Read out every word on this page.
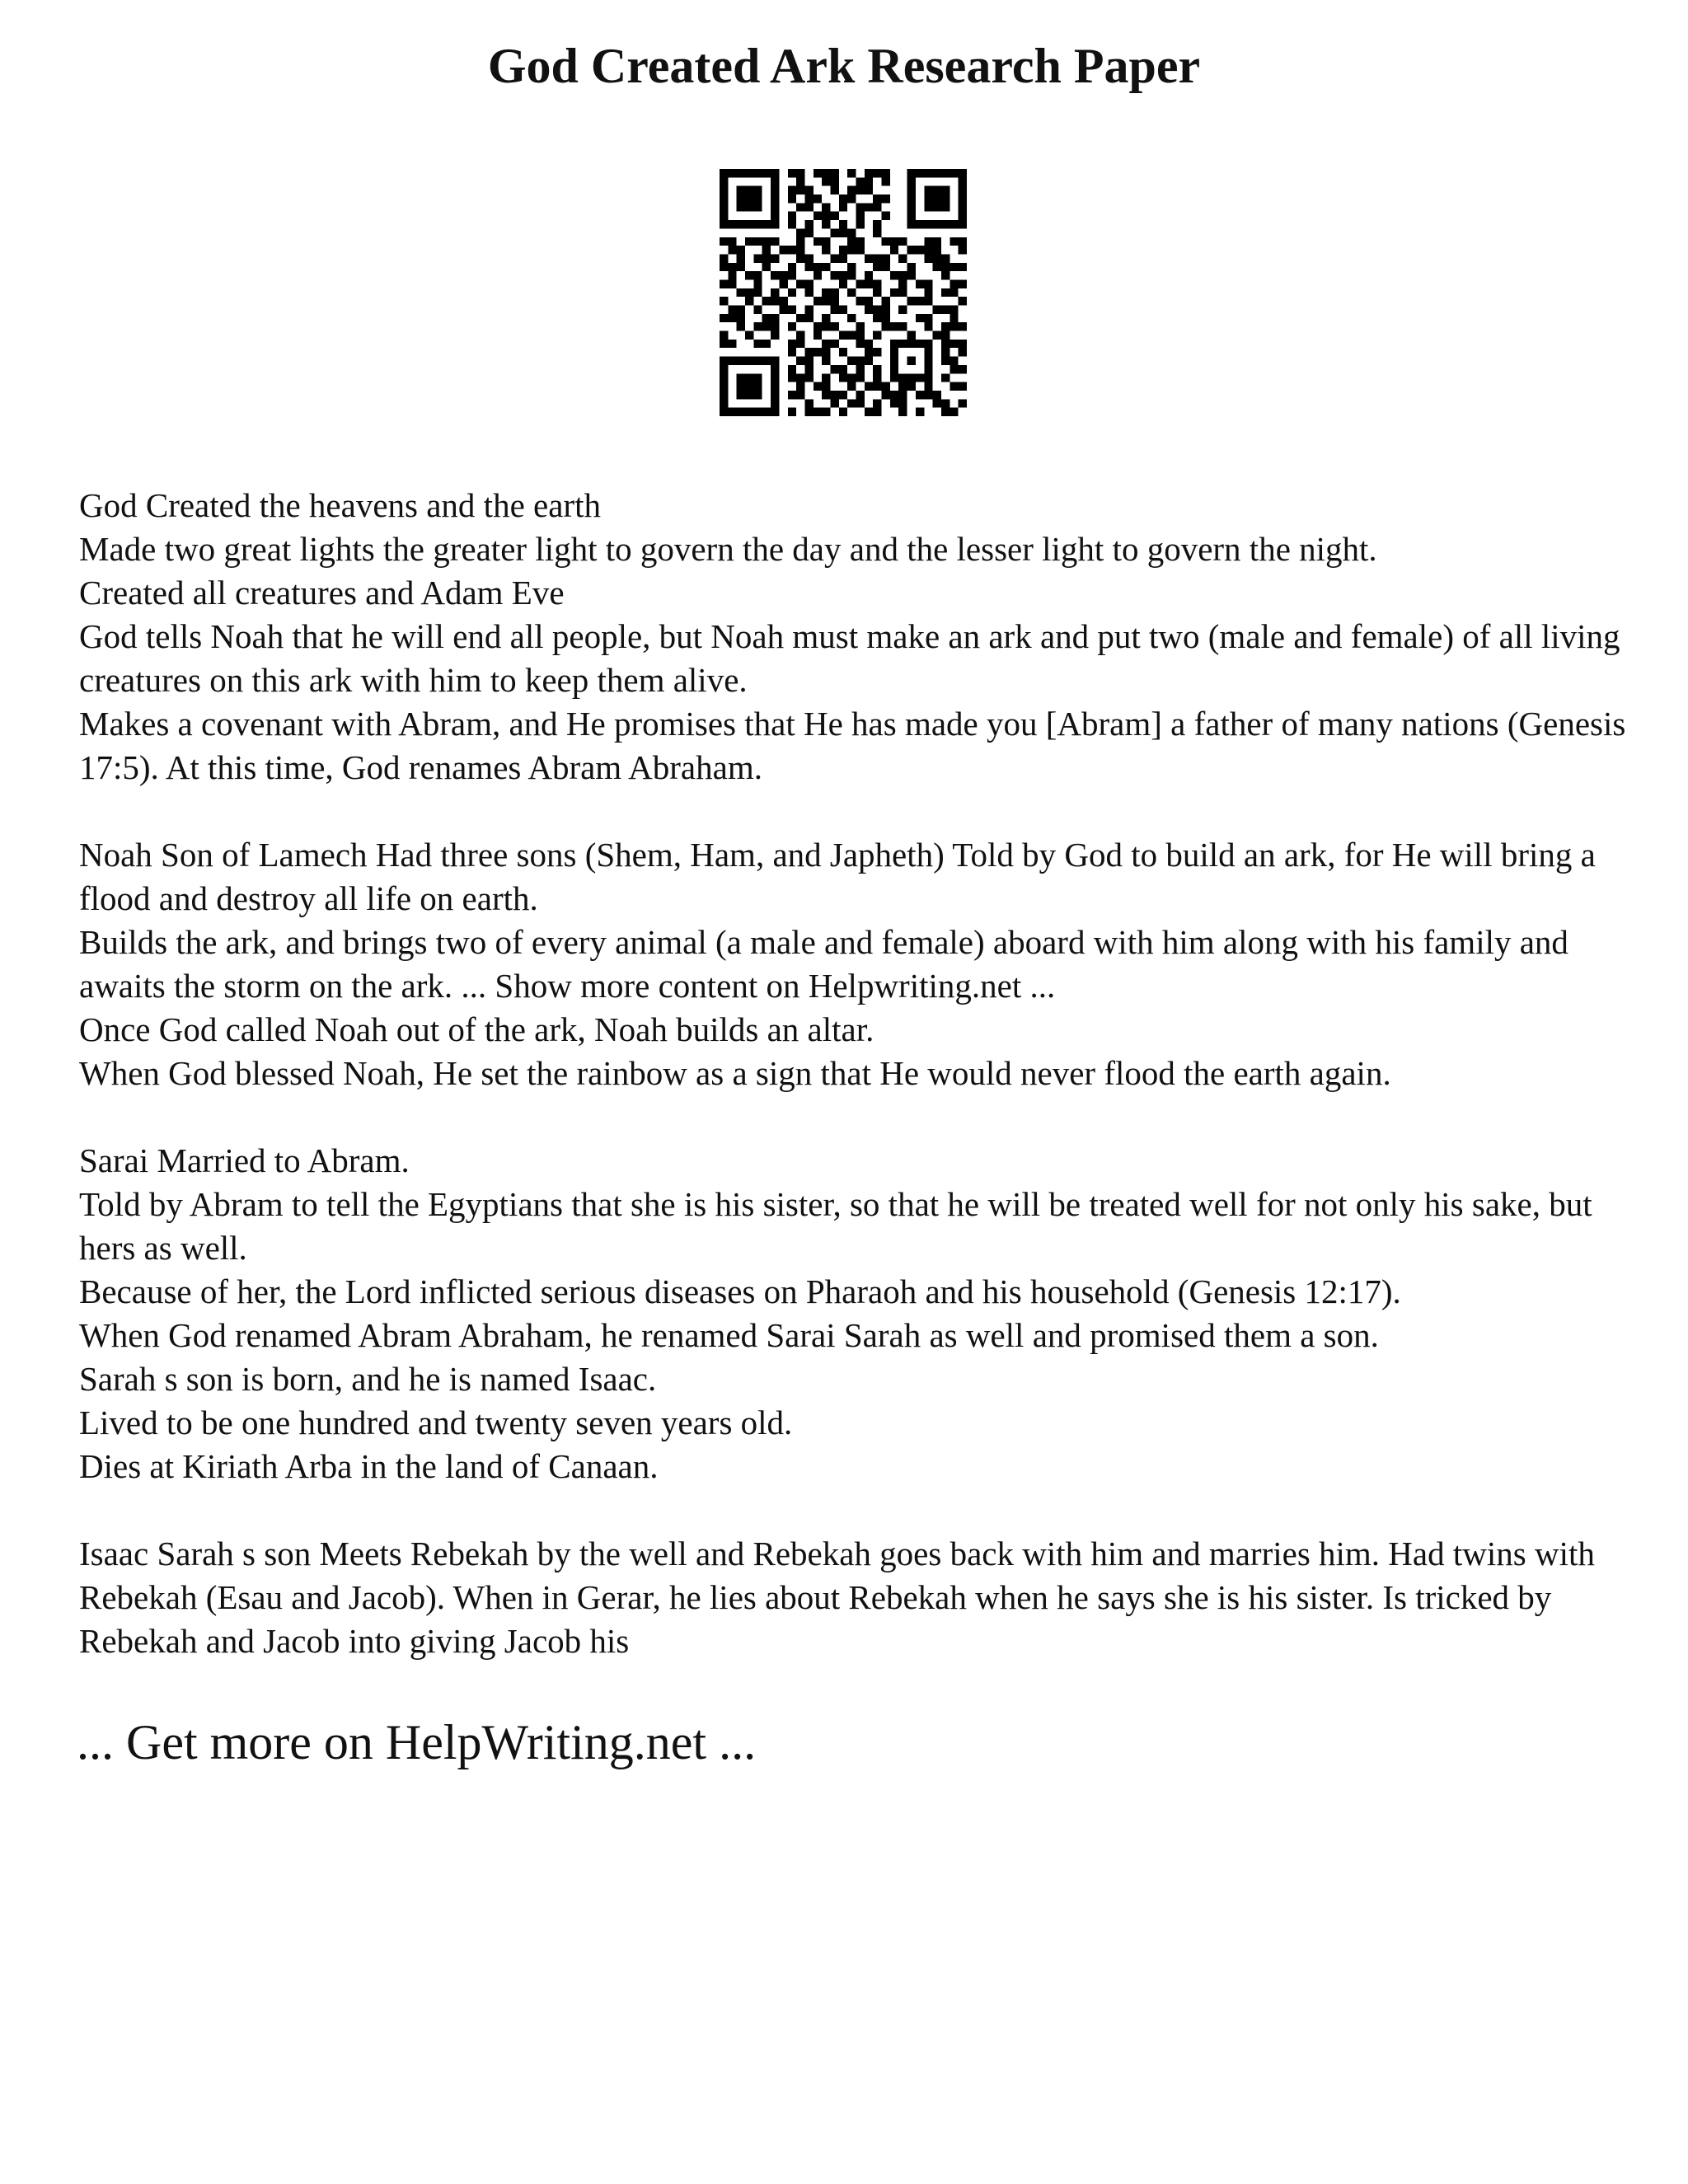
God Created Ark Research Paper

God Created the heavens and the earth

Made two great lights the greater light to govern the day and the lesser light to govern the night.

Created all creatures and Adam Eve

God tells Noah that he will end all people, but Noah must make an ark and put two (male and female) of all living creatures on this ark with him to keep them alive.

Makes a covenant with Abram, and He promises that He has made you [Abram] a father of many nations (Genesis 17:5). At this time, God renames Abram Abraham.

Noah Son of Lamech Had three sons (Shem, Ham, and Japheth) Told by God to build an ark, for He will bring a flood and destroy all life on earth.

Builds the ark, and brings two of every animal (a male and female) aboard with him along with his family and awaits the storm on the ark. ... Show more content on Helpwriting.net ...

Once God called Noah out of the ark, Noah builds an altar.

When God blessed Noah, He set the rainbow as a sign that He would never flood the earth again.

Sarai Married to Abram.

Told by Abram to tell the Egyptians that she is his sister, so that he will be treated well for not only his sake, but hers as well.

Because of her, the Lord inflicted serious diseases on Pharaoh and his household (Genesis 12:17).

When God renamed Abram Abraham, he renamed Sarai Sarah as well and promised them a son.

Sarah s son is born, and he is named Isaac.

Lived to be one hundred and twenty seven years old.

Dies at Kiriath Arba in the land of Canaan.

Isaac Sarah s son Meets Rebekah by the well and Rebekah goes back with him and marries him. Had twins with Rebekah (Esau and Jacob). When in Gerar, he lies about Rebekah when he says she is his sister. Is tricked by Rebekah and Jacob into giving Jacob his

... Get more on HelpWriting.net ...
